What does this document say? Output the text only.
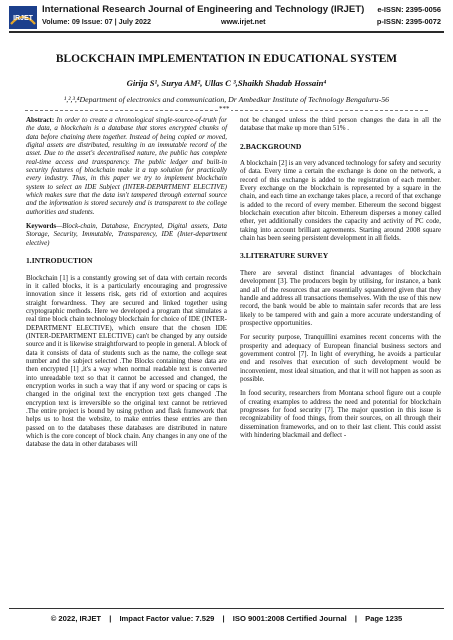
IRJET
International Research Journal of Engineering and Technology (IRJET)
Volume: 09 Issue: 07 | July 2022	www.irjet.net
e-ISSN: 2395-0056
p-ISSN: 2395-0072
BLOCKCHAIN IMPLEMENTATION IN EDUCATIONAL SYSTEM
Girija S¹, Surya AM², Ullas C ³,Shaikh Shadab Hossain⁴
¹,²,³,⁴Department of electronics and communication, Dr Ambedkar Institute of Technology Bengaluru-56
***

Abstract: In order to create a chronological single-source-of-truth for the data, a blockchain is a database that stores encrypted chunks of data before chaining them together. Instead of being copied or moved, digital assets are distributed, resulting in an immutable record of the asset. Due to the asset's decentralised nature, the public has complete real-time access and transparency. The public ledger and built-in security features of blockchain make it a top solution for practically every industry. Thus, in this paper we try to implement blockchain system to select an IDE Subject (INTER-DEPARTMENT ELECTIVE) which makes sure that the data isn't tampered through external source and the information is stored securely and is transparent to the college authorities and students.

Keywords—Block-chain, Database, Encrypted, Digital assets, Data Storage, Security, Immutable, Transparency, IDE (Inter-department elective)

1.INTRODUCTION

Blockchain [1] is a constantly growing set of data with certain records in it called blocks, it is a particularly encouraging and progressive innovation since it lessens risk, gets rid of extortion and acquires straight forwardness. They are secured and linked together using cryptographic methods. Here we developed a program that simulates a real time block chain technology blockchain for choice of IDE (INTER-DEPARTMENT ELECTIVE), which ensure that the chosen IDE (INTER-DEPARTMENT ELECTIVE) can't be changed by any outside source and it is likewise straightforward to people in general. A block of data it consists of data of students such as the name, the college seat number and the subject selected .The Blocks containing these data are then encrypted [1] ,it's a way when normal readable text is converted into unreadable text so that it cannot be accessed and changed, the encryption works in such a way that if any word or spacing or caps is changed in the original text the encryption text gets changed .The encryption text is irreversible so the original text cannot be retrieved .The entire project is bound by using python and flask framework that helps us to host the website, to make entries these entries are then passed on to the databases these databases are distributed in nature which is the core concept of block chain. Any changes in any one of the database the data in other databases will

not be changed unless the third person changes the data in all the database that make up more than 51% .

2.BACKGROUND

A blockchain [2] is an very advanced technology for safety and security of data. Every time a certain the exchange is done on the network, a record of this exchange is added to the registration of each member. Every exchange on the blockchain is represented by a square in the chain, and each time an exchange takes place, a record of that exchange is added to the record of every member. Ethereum the second biggest blockchain execution after bitcoin. Ethereum disperses a money called ether, yet additionally considers the capacity and activity of PC code, taking into account brilliant agreements. Starting around 2008 square chain has been seeing persistent development in all fields.

3.LITERATURE SURVEY

There are several distinct financial advantages of blockchain development [3]. The producers begin by utilising, for instance, a bank and all of the resources that are essentially squandered given that they handle and address all transactions themselves. With the use of this new record, the bank would be able to maintain safer records that are less likely to be tampered with and gain a more accurate understanding of prospective opportunities.

For security purpose, Tranquillini examines recent concerns with the prosperity and adequacy of European financial business sectors and government control [7]. In light of everything, he avoids a particular end and resolves that execution of such development would be inconvenient, most ideal situation, and that it will not happen as soon as possible.

In food security, researchers from Montana school figure out a couple of creating examples to address the need and potential for blockchain progresses for food security [7]. The major question in this issue is recognizability of food things, from their sources, on all through their dissemination frameworks, and on to their last client. This could assist with hindering blackmail and deflect -

© 2022, IRJET | Impact Factor value: 7.529 | ISO 9001:2008 Certified Journal | Page 1235
